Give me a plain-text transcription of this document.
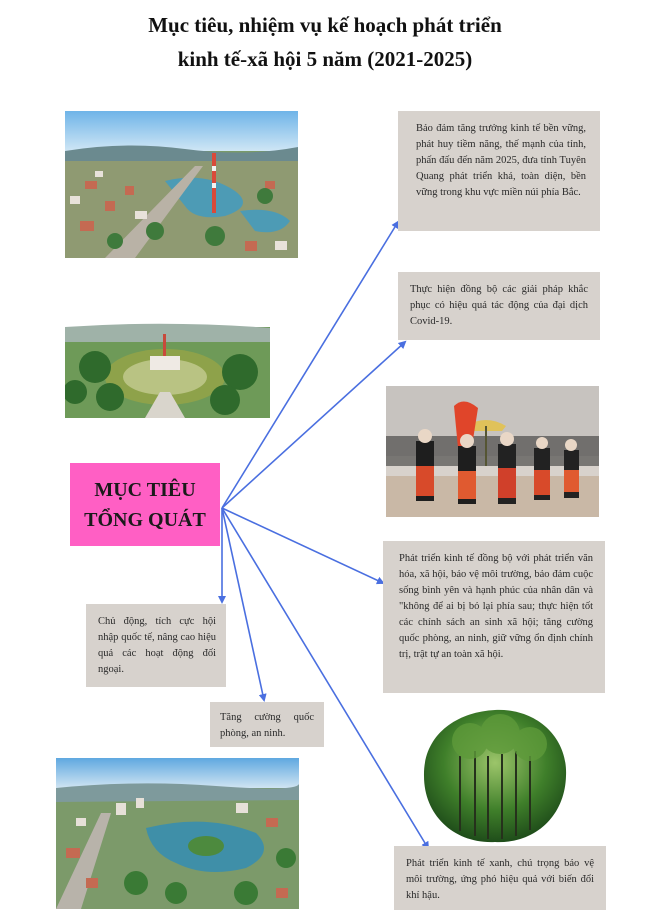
Mục tiêu, nhiệm vụ kế hoạch phát triển
kinh tế-xã hội 5 năm (2021-2025)
Bảo đảm tăng trưởng kinh tế bền vững, phát huy tiềm năng, thế mạnh của tỉnh, phấn đấu đến năm 2025, đưa tỉnh Tuyên Quang phát triển khá, toàn diện, bền vững trong khu vực miền núi phía Bắc.
Thực hiện đồng bộ các giải pháp khắc phục có hiệu quả tác động của đại dịch Covid-19.
MỤC TIÊU
TỔNG QUÁT
Phát triển kinh tế đồng bộ với phát triển văn hóa, xã hội, bảo vệ môi trường, bảo đảm cuộc sống bình yên và hạnh phúc của nhân dân và "không để ai bị bỏ lại phía sau; thực hiện tốt các chính sách an sinh xã hội; tăng cường quốc phòng, an ninh, giữ vững ổn định chính trị, trật tự an toàn xã hội.
Chủ động, tích cực hội nhập quốc tế, nâng cao hiệu quả các hoạt động đối ngoại.
Tăng cường quốc phòng, an ninh.
Phát triển kinh tế xanh, chú trọng bảo vệ môi trường, ứng phó hiệu quả với biến đổi khí hậu.
